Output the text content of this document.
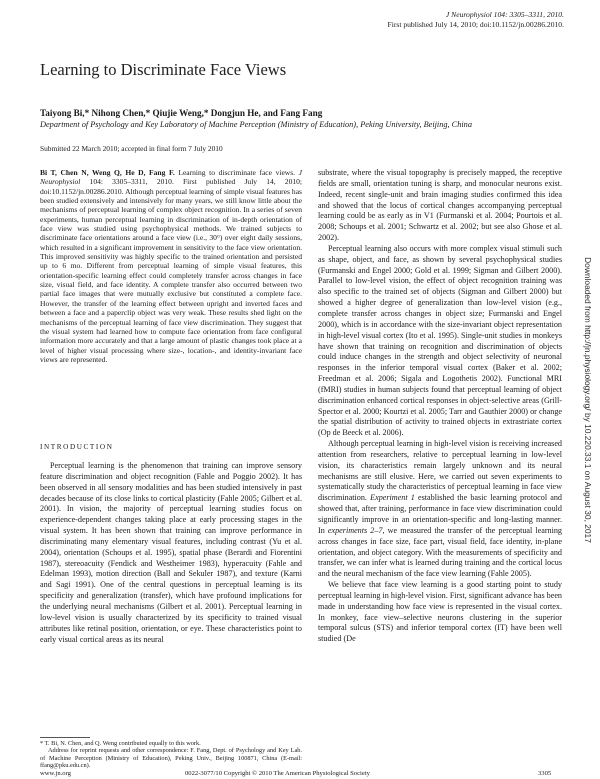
J Neurophysiol 104: 3305–3311, 2010.
First published July 14, 2010; doi:10.1152/jn.00286.2010.
Learning to Discriminate Face Views
Taiyong Bi,* Nihong Chen,* Qiujie Weng,* Dongjun He, and Fang Fang
Department of Psychology and Key Laboratory of Machine Perception (Ministry of Education), Peking University, Beijing, China
Submitted 22 March 2010; accepted in final form 7 July 2010
Bi T, Chen N, Weng Q, He D, Fang F. Learning to discriminate face views. J Neurophysiol 104: 3305–3311, 2010. First published July 14, 2010; doi:10.1152/jn.00286.2010. Although perceptual learning of simple visual features has been studied extensively and intensively for many years, we still know little about the mechanisms of perceptual learning of complex object recognition. In a series of seven experiments, human perceptual learning in discrimination of in-depth orientation of face view was studied using psychophysical methods. We trained subjects to discriminate face orientations around a face view (i.e., 30°) over eight daily sessions, which resulted in a significant improvement in sensitivity to the face view orientation. This improved sensitivity was highly specific to the trained orientation and persisted up to 6 mo. Different from perceptual learning of simple visual features, this orientation-specific learning effect could completely transfer across changes in face size, visual field, and face identity. A complete transfer also occurred between two partial face images that were mutually exclusive but constituted a complete face. However, the transfer of the learning effect between upright and inverted faces and between a face and a paperclip object was very weak. These results shed light on the mechanisms of the perceptual learning of face view discrimination. They suggest that the visual system had learned how to compute face orientation from face configural information more accurately and that a large amount of plastic changes took place at a level of higher visual processing where size-, location-, and identity-invariant face views are represented.
INTRODUCTION

Perceptual learning is the phenomenon that training can improve sensory feature discrimination and object recognition (Fahle and Poggio 2002). It has been observed in all sensory modalities and has been studied intensively in past decades because of its close links to cortical plasticity (Fahle 2005; Gilbert et al. 2001). In vision, the majority of perceptual learning studies focus on experience-dependent changes taking place at early processing stages in the visual system. It has been shown that training can improve performance in discriminating many elementary visual features, including contrast (Yu et al. 2004), orientation (Schoups et al. 1995), spatial phase (Berardi and Fiorentini 1987), stereoacuity (Fendick and Westheimer 1983), hyperacuity (Fahle and Edelman 1993), motion direction (Ball and Sekuler 1987), and texture (Karni and Sagi 1991). One of the central questions in perceptual learning is its specificity and generalization (transfer), which have profound implications for the underlying neural mechanisms (Gilbert et al. 2001). Perceptual learning in low-level vision is usually characterized by its specificity to trained visual attributes like retinal position, orientation, or eye. These characteristics point to early visual cortical areas as its neural

substrate, where the visual topography is precisely mapped, the receptive fields are small, orientation tuning is sharp, and monocular neurons exist. Indeed, recent single-unit and brain imaging studies confirmed this idea and showed that the locus of cortical changes accompanying perceptual learning could be as early as in V1 (Furmanski et al. 2004; Pourtois et al. 2008; Schoups et al. 2001; Schwartz et al. 2002; but see also Ghose et al. 2002).

Perceptual learning also occurs with more complex visual stimuli such as shape, object, and face, as shown by several psychophysical studies (Furmanski and Engel 2000; Gold et al. 1999; Sigman and Gilbert 2000). Parallel to low-level vision, the effect of object recognition training was also specific to the trained set of objects (Sigman and Gilbert 2000) but showed a higher degree of generalization than low-level vision (e.g., complete transfer across changes in object size; Furmanski and Engel 2000), which is in accordance with the size-invariant object representation in high-level visual cortex (Ito et al. 1995). Single-unit studies in monkeys have shown that training on recognition and discrimination of objects could induce changes in the strength and object selectivity of neuronal responses in the inferior temporal visual cortex (Baker et al. 2002; Freedman et al. 2006; Sigala and Logothetis 2002). Functional MRI (fMRI) studies in human subjects found that perceptual learning of object discrimination enhanced cortical responses in object-selective areas (Grill-Spector et al. 2000; Kourtzi et al. 2005; Tarr and Gauthier 2000) or change the spatial distribution of activity to trained objects in extrastriate cortex (Op de Beeck et al. 2006).

Although perceptual learning in high-level vision is receiving increased attention from researchers, relative to perceptual learning in low-level vision, its characteristics remain largely unknown and its neural mechanisms are still elusive. Here, we carried out seven experiments to systematically study the characteristics of perceptual learning in face view discrimination. Experiment 1 established the basic learning protocol and showed that, after training, performance in face view discrimination could significantly improve in an orientation-specific and long-lasting manner. In experiments 2–7, we measured the transfer of the perceptual learning across changes in face size, face part, visual field, face identity, in-plane orientation, and object category. With the measurements of specificity and transfer, we can infer what is learned during training and the cortical locus and the neural mechanism of the face view learning (Fahle 2005).

We believe that face view learning is a good starting point to study perceptual learning in high-level vision. First, significant advance has been made in understanding how face view is represented in the visual cortex. In monkey, face view–selective neurons clustering in the superior temporal sulcus (STS) and inferior temporal cortex (IT) have been well studied (De

* T. Bi, N. Chen, and Q. Weng contributed equally to this work.
Address for reprint requests and other correspondence: F. Fang, Dept. of Psychology and Key Lab. of Machine Perception (Ministry of Education), Peking Univ., Beijing 100871, China (E-mail: ffang@pku.edu.cn).
www.jn.org	0022-3077/10 Copyright © 2010 The American Physiological Society	3305
Downloaded from http://jn.physiology.org/ by 10.220.33.1 on August 30, 2017
